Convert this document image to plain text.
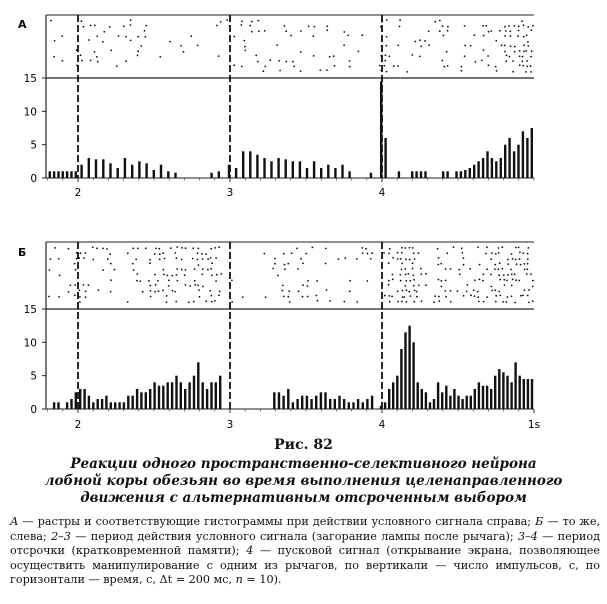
А
0
5
10
15
2	3	4
Б
0
5
10
15
2	3	4	1s
Рис. 82
Реакции одного пространственно-селективного нейрона лобной коры обезьян во время выполнения целенаправленного движения с альтернативным отсроченным выбором
А — растры и соответствующие гистограммы при действии условного сигнала справа; Б — то же, слева; 2–3 — период действия условного сигнала (загорание лампы после рычага); 3–4 — период отсрочки (кратковременной памяти); 4 — пусковой сигнал (открывание экрана, позволяющее осуществить манипулирование с одним из рычагов, по вертикали — число импульсов, с, по горизонтали — время, с, Δt = 200 мс, n = 10).
